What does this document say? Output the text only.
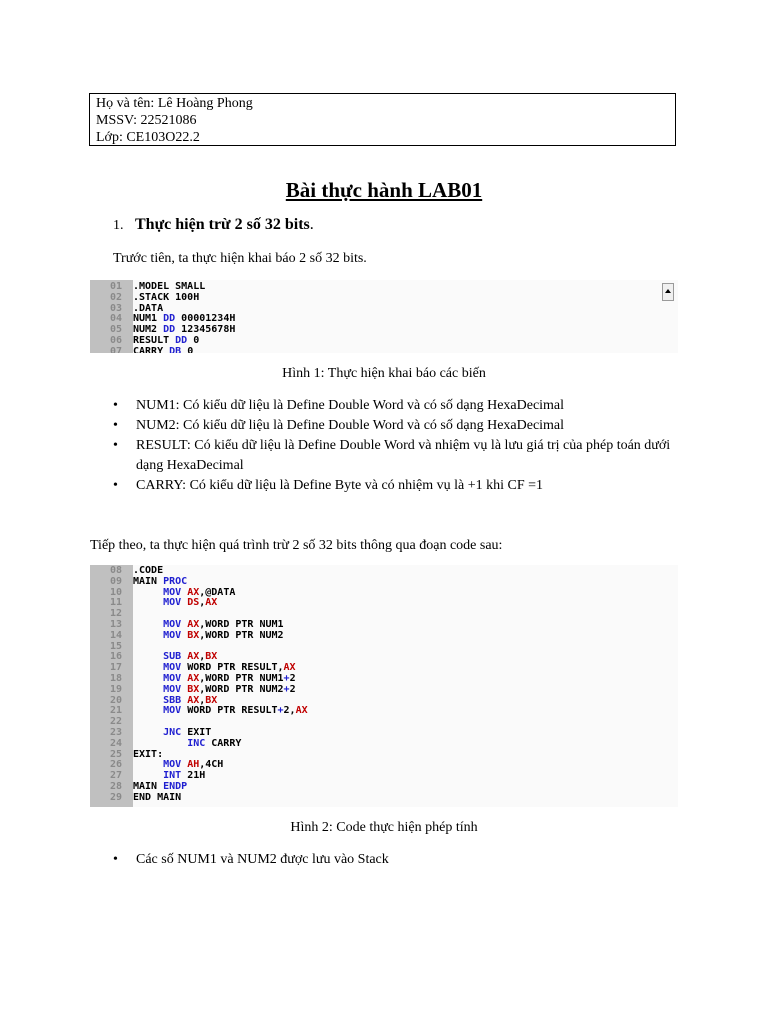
Họ và tên: Lê Hoàng Phong
MSSV: 22521086
Lớp: CE103O22.2
Bài thực hành LAB01
1. Thực hiện trừ 2 số 32 bits.
Trước tiên, ta thực hiện khai báo 2 số 32 bits.
01 .MODEL SMALL
02 .STACK 100H
03 .DATA
04 NUM1 DD 00001234H
05 NUM2 DD 12345678H
06 RESULT DD 0
07 CARRY DB 0
Hình 1: Thực hiện khai báo các biến
• NUM1: Có kiểu dữ liệu là Define Double Word và có số dạng HexaDecimal
• NUM2: Có kiểu dữ liệu là Define Double Word và có số dạng HexaDecimal
• RESULT: Có kiểu dữ liệu là Define Double Word và nhiệm vụ là lưu giá trị của phép toán dưới dạng HexaDecimal
• CARRY: Có kiểu dữ liệu là Define Byte và có nhiệm vụ là +1 khi CF =1
Tiếp theo, ta thực hiện quá trình trừ 2 số 32 bits thông qua đoạn code sau:
08 .CODE
09 MAIN PROC
10	MOV AX,@DATA
11	MOV DS,AX
12
13	MOV AX,WORD PTR NUM1
14	MOV BX,WORD PTR NUM2
15
16	SUB AX,BX
17	MOV WORD PTR RESULT,AX
18	MOV AX,WORD PTR NUM1+2
19	MOV BX,WORD PTR NUM2+2
20	SBB AX,BX
21	MOV WORD PTR RESULT+2,AX
22
23	JNC EXIT
24	INC CARRY
25 EXIT:
26	MOV AH,4CH
27	INT 21H
28 MAIN ENDP
29 END MAIN
Hình 2: Code thực hiện phép tính
• Các số NUM1 và NUM2 được lưu vào Stack
